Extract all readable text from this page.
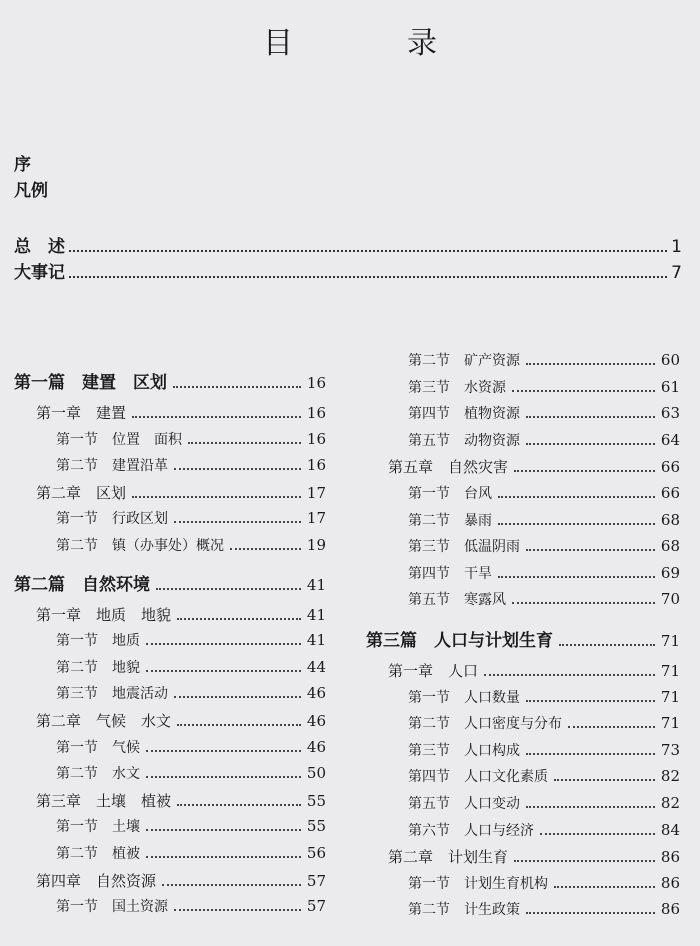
目　录
序
凡例
总　述	1
大事记	7
第一篇　建置　区划	16
第一章　建置	16
第一节　位置　面积	16
第二节　建置沿革	16
第二章　区划	17
第一节　行政区划	17
第二节　镇（办事处）概况	19
第二篇　自然环境	41
第一章　地质　地貌	41
第一节　地质	41
第二节　地貌	44
第三节　地震活动	46
第二章　气候　水文	46
第一节　气候	46
第二节　水文	50
第三章　土壤　植被	55
第一节　土壤	55
第二节　植被	56
第四章　自然资源	57
第一节　国土资源	57
第二节　矿产资源	60
第三节　水资源	61
第四节　植物资源	63
第五节　动物资源	64
第五章　自然灾害	66
第一节　台风	66
第二节　暴雨	68
第三节　低温阴雨	68
第四节　干旱	69
第五节　寒露风	70
第三篇　人口与计划生育	71
第一章　人口	71
第一节　人口数量	71
第二节　人口密度与分布	71
第三节　人口构成	73
第四节　人口文化素质	82
第五节　人口变动	82
第六节　人口与经济	84
第二章　计划生育	86
第一节　计划生育机构	86
第二节　计生政策	86
